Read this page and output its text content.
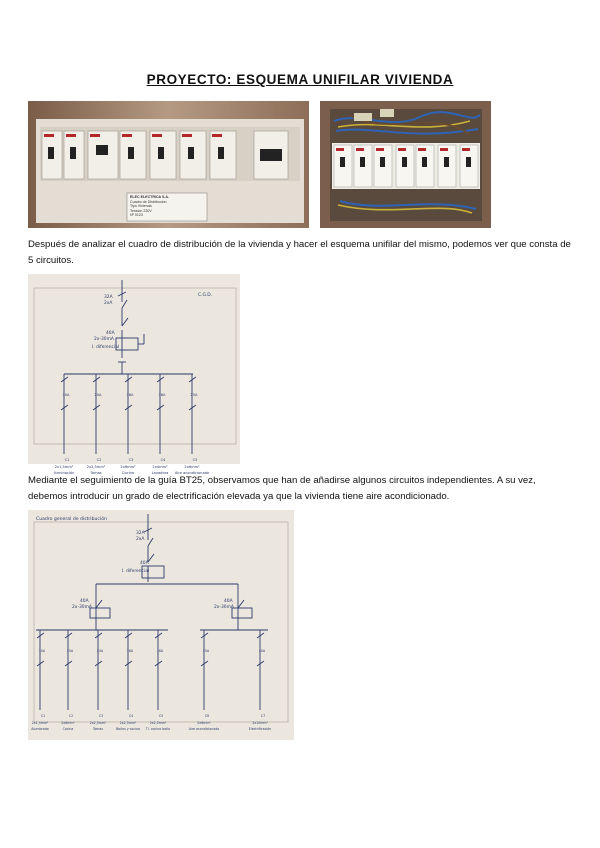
PROYECTO: ESQUEMA UNIFILAR VIVIENDA
ELEC ELECTRICA S.A.
Cuadro de Distribucion
Tipo Vivienda
Tension 230V
Nº 0123

Después de analizar el cuadro de distribución de la vivienda y hacer el esquema unifilar del mismo, podemos ver que consta de 5 circuitos.

32A
2xA
40A
2x-30mA
I. diferencial
C.G.D.
10A
C1
2x1,5mm²
Iluminación
20A
C2
2x2,5mm²
Tomas
16A
C3
2x6mm²
Cocina
16A
C4
2x4mm²
Lavadora
25A
C5
2x6mm²
Aire acondicionado

Mediante el seguimiento de la guía BT25, observamos que han de añadirse algunos circuitos independientes. A su vez, debemos introducir un grado de electrificación elevada ya que la vivienda tiene aire acondicionado.

Cuadro general de distribución
32A
2xA
40A
I. diferencial
40A
2x-30mA
40A
2x-30mA
10A
C1
2x1,5mm²
Alumbrado
25A
C2
2x6mm²
Cocina
20A
C3
2x2,5mm²
Tomas
16A
C4
2x2,5mm²
Baños y cocina
16A
C5
2x2,5mm²
Tl. cocina baño
25A
C6
2x6mm²
Aire acondicionado
40A
C7
2x10mm²
Electrificación
